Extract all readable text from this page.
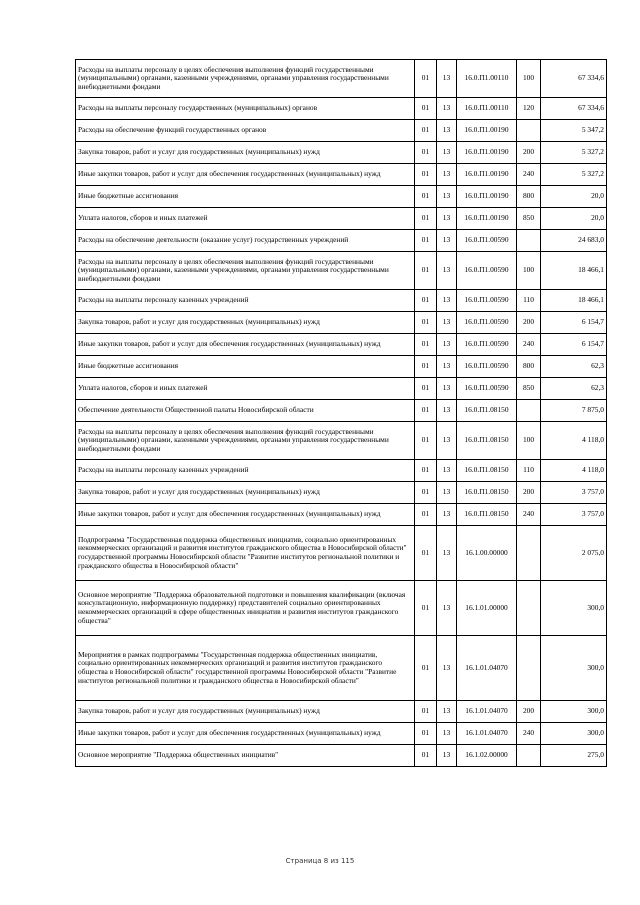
Расходы на выплаты персоналу в целях обеспечения выполнения функций государственными (муниципальными) органами, казенными учреждениями, органами управления государственными внебюджетными фондами	01	13	16.0.П1.00110	100	67 334,6
Расходы на выплаты персоналу государственных (муниципальных) органов	01	13	16.0.П1.00110	120	67 334,6
Расходы на обеспечение функций государственных органов	01	13	16.0.П1.00190		5 347,2
Закупка товаров, работ и услуг для государственных (муниципальных) нужд	01	13	16.0.П1.00190	200	5 327,2
Иные закупки товаров, работ и услуг для обеспечения государственных (муниципальных) нужд	01	13	16.0.П1.00190	240	5 327,2
Иные бюджетные ассигнования	01	13	16.0.П1.00190	800	20,0
Уплата налогов, сборов и иных платежей	01	13	16.0.П1.00190	850	20,0
Расходы на обеспечение деятельности (оказание услуг) государственных учреждений	01	13	16.0.П1.00590		24 683,0
Расходы на выплаты персоналу в целях обеспечения выполнения функций государственными (муниципальными) органами, казенными учреждениями, органами управления государственными внебюджетными фондами	01	13	16.0.П1.00590	100	18 466,1
Расходы на выплаты персоналу казенных учреждений	01	13	16.0.П1.00590	110	18 466,1
Закупка товаров, работ и услуг для государственных (муниципальных) нужд	01	13	16.0.П1.00590	200	6 154,7
Иные закупки товаров, работ и услуг для обеспечения государственных (муниципальных) нужд	01	13	16.0.П1.00590	240	6 154,7
Иные бюджетные ассигнования	01	13	16.0.П1.00590	800	62,3
Уплата налогов, сборов и иных платежей	01	13	16.0.П1.00590	850	62,3
Обеспечение деятельности Общественной палаты Новосибирской области	01	13	16.0.П1.08150		7 875,0
Расходы на выплаты персоналу в целях обеспечения выполнения функций государственными (муниципальными) органами, казенными учреждениями, органами управления государственными внебюджетными фондами	01	13	16.0.П1.08150	100	4 118,0
Расходы на выплаты персоналу казенных учреждений	01	13	16.0.П1.08150	110	4 118,0
Закупка товаров, работ и услуг для государственных (муниципальных) нужд	01	13	16.0.П1.08150	200	3 757,0
Иные закупки товаров, работ и услуг для обеспечения государственных (муниципальных) нужд	01	13	16.0.П1.08150	240	3 757,0
Подпрограмма "Государственная поддержка общественных инициатив, социально ориентированных некоммерческих организаций и развития институтов гражданского общества в Новосибирской области" государственной программы Новосибирской области "Развитие институтов региональной политики и гражданского общества в Новосибирской области"	01	13	16.1.00.00000		2 075,0
Основное мероприятие "Поддержка образовательной подготовки и повышения квалификации (включая консультационную, информационную поддержку) представителей социально ориентированных некоммерческих организаций в сфере общественных инициатив и развития институтов гражданского общества"	01	13	16.1.01.00000		300,0
Мероприятия в рамках подпрограммы "Государственная поддержка общественных инициатив, социально ориентированных некоммерческих организаций и развития институтов гражданского общества в Новосибирской области" государственной программы Новосибирской области "Развитие институтов региональной политики и гражданского общества в Новосибирской области"	01	13	16.1.01.04070		300,0
Закупка товаров, работ и услуг для государственных (муниципальных) нужд	01	13	16.1.01.04070	200	300,0
Иные закупки товаров, работ и услуг для обеспечения государственных (муниципальных) нужд	01	13	16.1.01.04070	240	300,0
Основное мероприятие "Поддержка общественных инициатив"	01	13	16.1.02.00000		275,0
Страница 8 из 115
